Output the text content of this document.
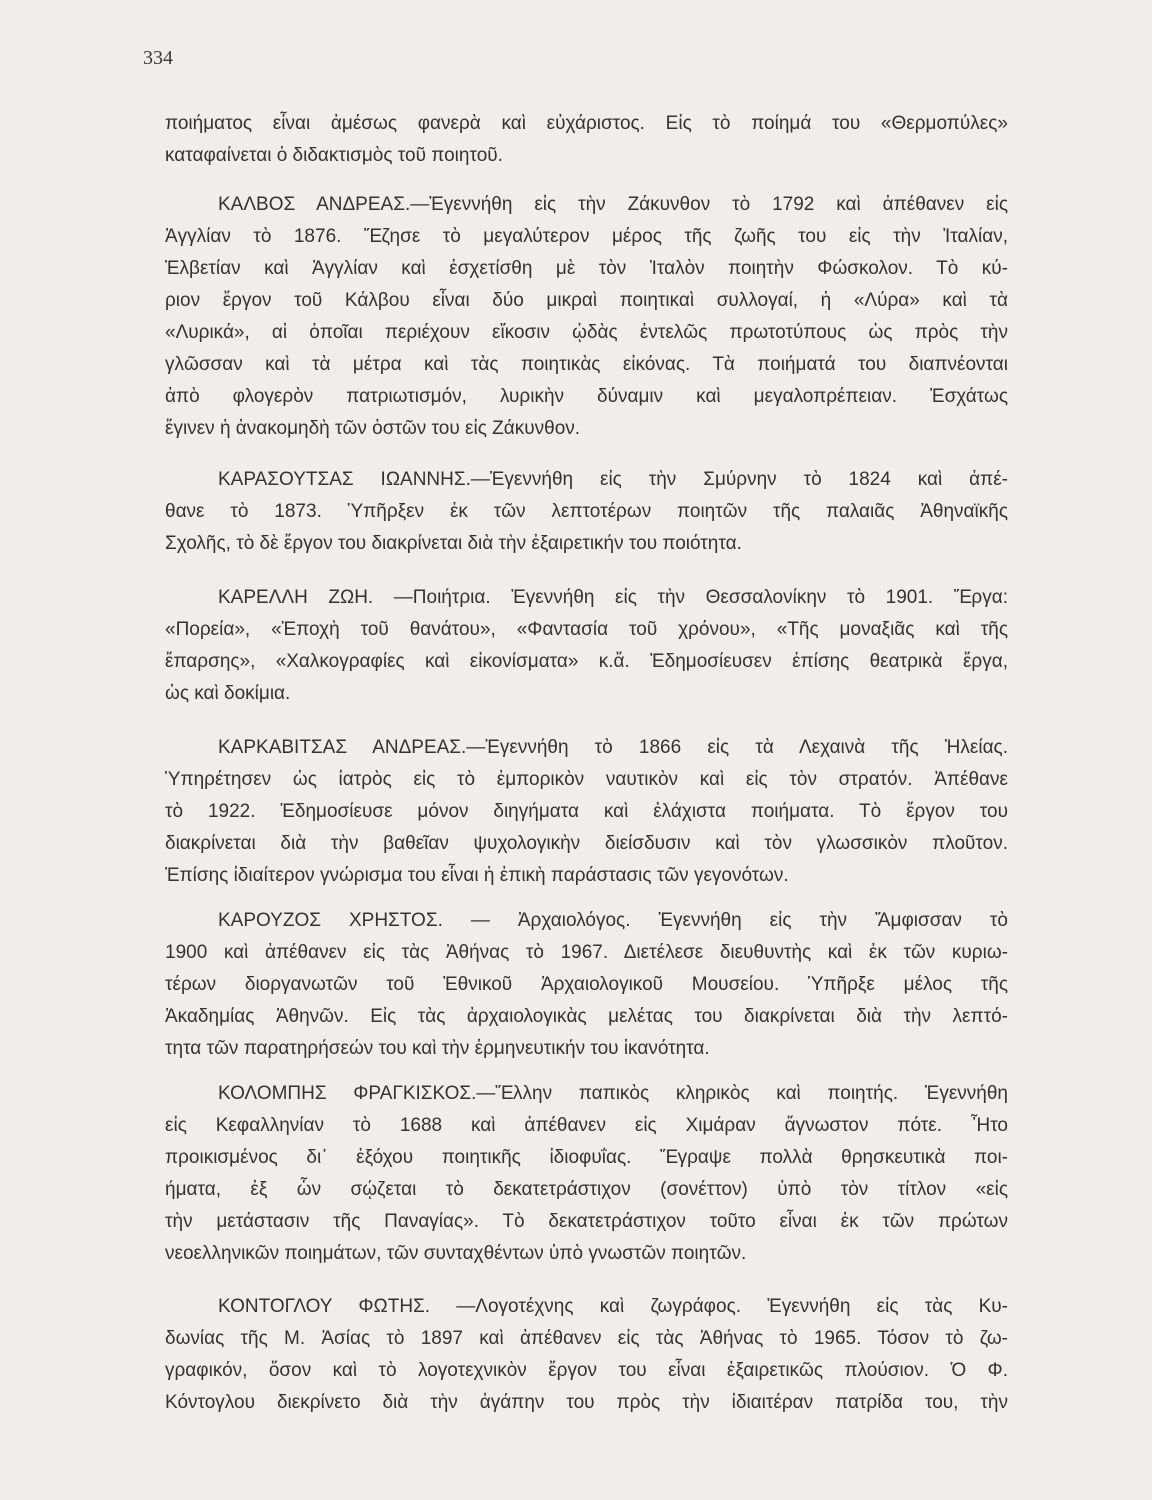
334
ποιήματος εἶναι ἀμέσως φανερὰ καὶ εὐχάριστος. Εἰς τὸ ποίημά του «Θερμοπύλες»
καταφαίνεται ὁ διδακτισμὸς τοῦ ποιητοῦ.
ΚΑΛΒΟΣ ΑΝΔΡΕΑΣ.—Ἐγεννήθη εἰς τὴν Ζάκυνθον τὸ 1792 καὶ ἀπέθανεν εἰς
Ἀγγλίαν τὸ 1876. Ἔζησε τὸ μεγαλύτερον μέρος τῆς ζωῆς του εἰς τὴν Ἰταλίαν,
Ἑλβετίαν καὶ Ἀγγλίαν καὶ ἐσχετίσθη μὲ τὸν Ἰταλὸν ποιητὴν Φώσκολον. Τὸ κύ-
ριον ἔργον τοῦ Κάλβου εἶναι δύο μικραὶ ποιητικαὶ συλλογαί, ἡ «Λύρα» καὶ τὰ
«Λυρικά», αἱ ὁποῖαι περιέχουν εἴκοσιν ᾠδὰς ἐντελῶς πρωτοτύπους ὡς πρὸς τὴν
γλῶσσαν καὶ τὰ μέτρα καὶ τὰς ποιητικὰς εἰκόνας. Τὰ ποιήματά του διαπνέονται
ἀπὸ φλογερὸν πατριωτισμόν, λυρικὴν δύναμιν καὶ μεγαλοπρέπειαν. Ἐσχάτως
ἔγινεν ἡ ἀνακομηδὴ τῶν ὀστῶν του εἰς Ζάκυνθον.
ΚΑΡΑΣΟΥΤΣΑΣ ΙΩΑΝΝΗΣ.—Ἐγεννήθη εἰς τὴν Σμύρνην τὸ 1824 καὶ ἀπέ-
θανε τὸ 1873. Ὑπῆρξεν ἐκ τῶν λεπτοτέρων ποιητῶν τῆς παλαιᾶς Ἀθηναϊκῆς
Σχολῆς, τὸ δὲ ἔργον του διακρίνεται διὰ τὴν ἐξαιρετικήν του ποιότητα.
ΚΑΡΕΛΛΗ ΖΩΗ. —Ποιήτρια. Ἐγεννήθη εἰς τὴν Θεσσαλονίκην τὸ 1901. Ἔργα:
«Πορεία», «Ἐποχὴ τοῦ θανάτου», «Φαντασία τοῦ χρόνου», «Τῆς μοναξιᾶς καὶ τῆς
ἔπαρσης», «Χαλκογραφίες καὶ εἰκονίσματα» κ.ἄ. Ἐδημοσίευσεν ἐπίσης θεατρικὰ ἔργα,
ὡς καὶ δοκίμια.
ΚΑΡΚΑΒΙΤΣΑΣ ΑΝΔΡΕΑΣ.—Ἐγεννήθη τὸ 1866 εἰς τὰ Λεχαινὰ τῆς Ἠλείας.
Ὑπηρέτησεν ὡς ἰατρὸς εἰς τὸ ἐμπορικὸν ναυτικὸν καὶ εἰς τὸν στρατόν. Ἀπέθανε
τὸ 1922. Ἐδημοσίευσε μόνον διηγήματα καὶ ἐλάχιστα ποιήματα. Τὸ ἔργον του
διακρίνεται διὰ τὴν βαθεῖαν ψυχολογικὴν διείσδυσιν καὶ τὸν γλωσσικὸν πλοῦτον.
Ἐπίσης ἰδιαίτερον γνώρισμα του εἶναι ἡ ἐπικὴ παράστασις τῶν γεγονότων.
ΚΑΡΟΥΖΟΣ ΧΡΗΣΤΟΣ. — Ἀρχαιολόγος. Ἐγεννήθη εἰς τὴν Ἄμφισσαν τὸ
1900 καὶ ἀπέθανεν εἰς τὰς Ἀθήνας τὸ 1967. Διετέλεσε διευθυντὴς καὶ ἐκ τῶν κυριω-
τέρων διοργανωτῶν τοῦ Ἐθνικοῦ Ἀρχαιολογικοῦ Μουσείου. Ὑπῆρξε μέλος τῆς
Ἀκαδημίας Ἀθηνῶν. Εἰς τὰς ἀρχαιολογικὰς μελέτας του διακρίνεται διὰ τὴν λεπτό-
τητα τῶν παρατηρήσεών του καὶ τὴν ἑρμηνευτικήν του ἱκανότητα.
ΚΟΛΟΜΠΗΣ ΦΡΑΓΚΙΣΚΟΣ.—Ἕλλην παπικὸς κληρικὸς καὶ ποιητής. Ἐγεννήθη
εἰς Κεφαλληνίαν τὸ 1688 καὶ ἀπέθανεν εἰς Χιμάραν ἄγνωστον πότε. Ἦτο
προικισμένος δι᾽ ἐξόχου ποιητικῆς ἰδιοφυΐας. Ἔγραψε πολλὰ θρησκευτικὰ ποι-
ήματα, ἐξ ὧν σῴζεται τὸ δεκατετράστιχον (σονέττον) ὑπὸ τὸν τίτλον «εἰς
τὴν μετάστασιν τῆς Παναγίας». Τὸ δεκατετράστιχον τοῦτο εἶναι ἐκ τῶν πρώτων
νεοελληνικῶν ποιημάτων, τῶν συνταχθέντων ὑπὸ γνωστῶν ποιητῶν.
ΚΟΝΤΟΓΛΟΥ ΦΩΤΗΣ. —Λογοτέχνης καὶ ζωγράφος. Ἐγεννήθη εἰς τὰς Κυ-
δωνίας τῆς Μ. Ἀσίας τὸ 1897 καὶ ἀπέθανεν εἰς τὰς Ἀθήνας τὸ 1965. Τόσον τὸ ζω-
γραφικόν, ὅσον καὶ τὸ λογοτεχνικὸν ἔργον του εἶναι ἐξαιρετικῶς πλούσιον. Ὁ Φ.
Κόντογλου διεκρίνετο διὰ τὴν ἀγάπην του πρὸς τὴν ἰδιαιτέραν πατρίδα του, τὴν
